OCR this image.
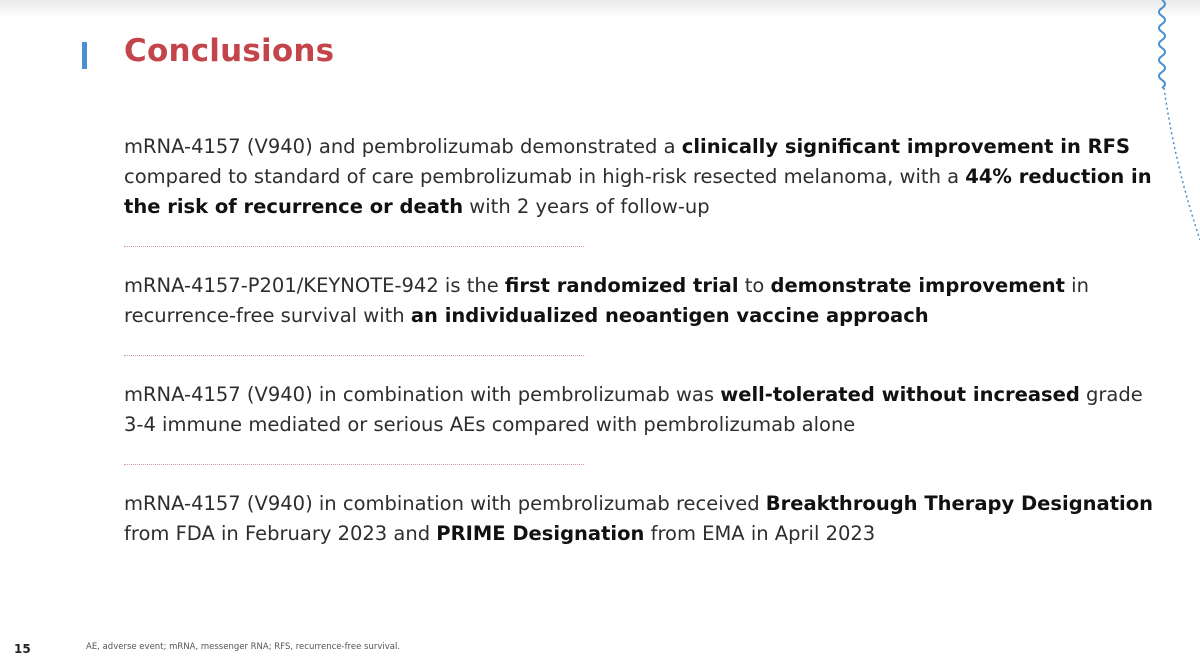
Conclusions
mRNA-4157 (V940) and pembrolizumab demonstrated a clinically significant improvement in RFS compared to standard of care pembrolizumab in high-risk resected melanoma, with a 44% reduction in the risk of recurrence or death with 2 years of follow-up
mRNA-4157-P201/KEYNOTE-942 is the first randomized trial to demonstrate improvement in recurrence-free survival with an individualized neoantigen vaccine approach
mRNA-4157 (V940) in combination with pembrolizumab was well-tolerated without increased grade 3-4 immune mediated or serious AEs compared with pembrolizumab alone
mRNA-4157 (V940) in combination with pembrolizumab received Breakthrough Therapy Designation from FDA in February 2023 and PRIME Designation from EMA in April 2023
15	AE, adverse event; mRNA, messenger RNA; RFS, recurrence-free survival.
